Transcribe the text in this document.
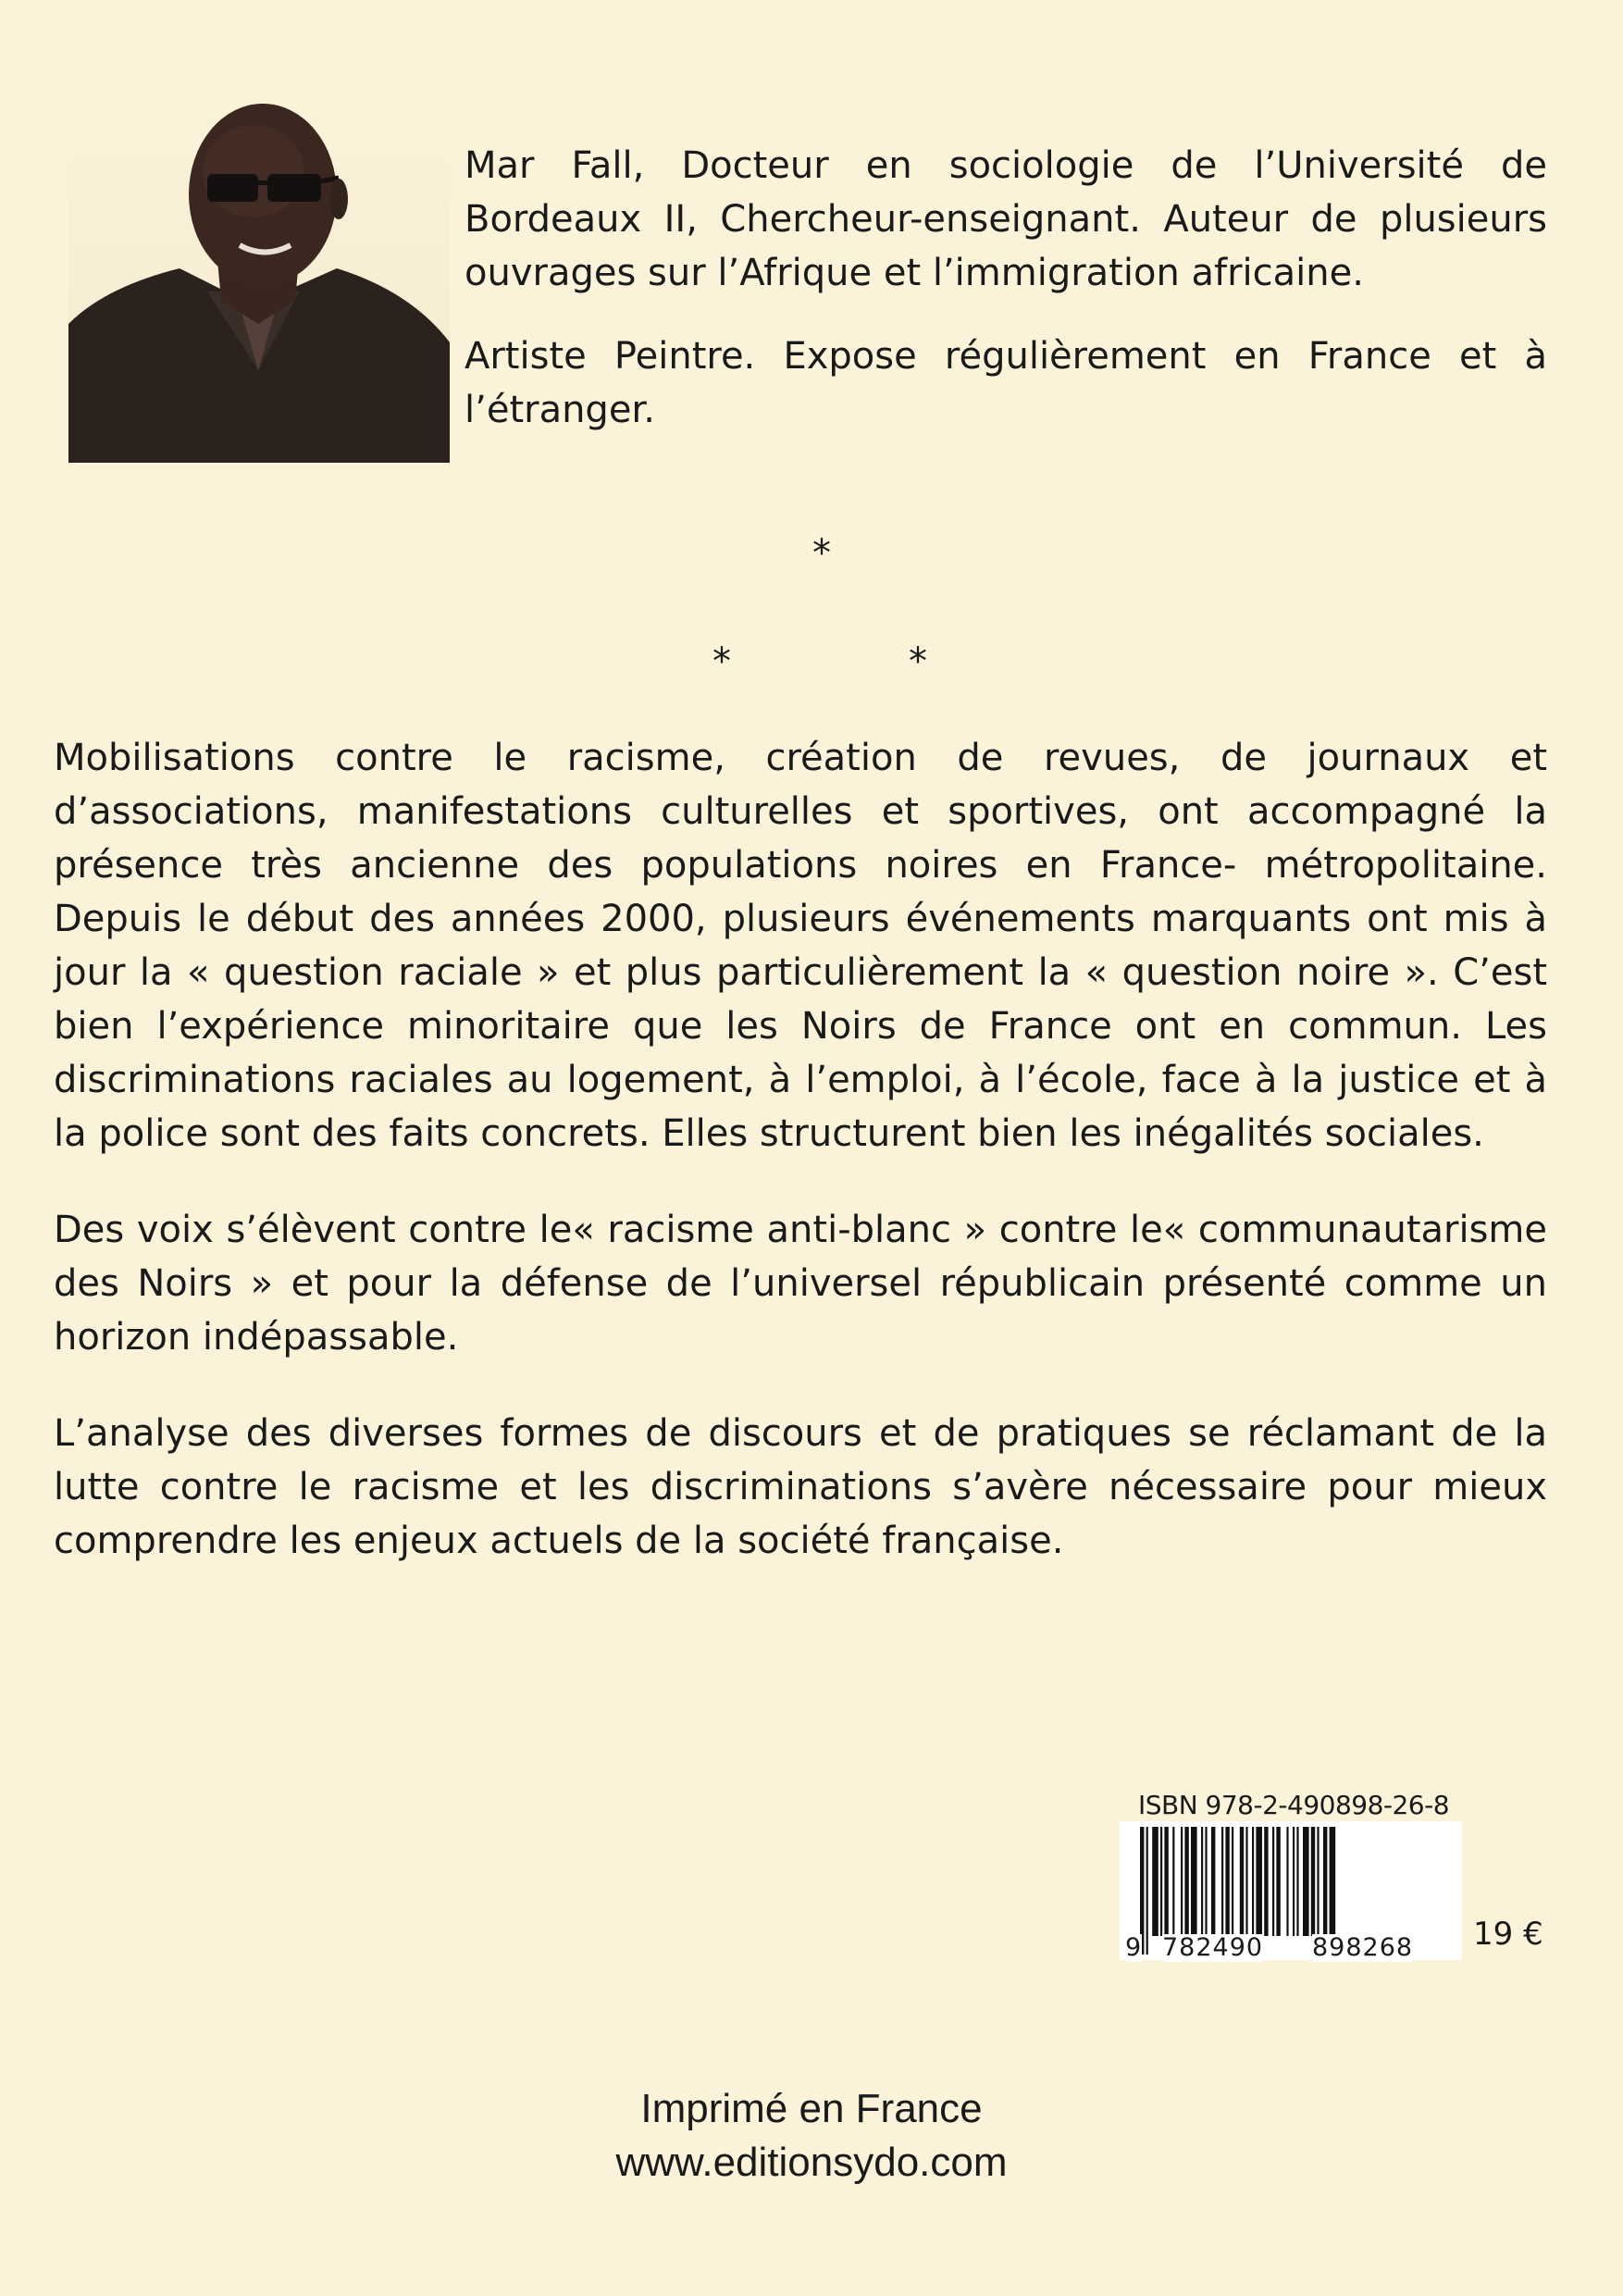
Mar Fall, Docteur en sociologie de l’Université de Bordeaux II, Chercheur-enseignant. Auteur de plusieurs ouvrages sur l’Afrique et l’immigration africaine.

Artiste Peintre. Expose régulièrement en France et à l’étranger.

*
*	*

Mobilisations contre le racisme, création de revues, de journaux et d’associations, manifestations culturelles et sportives, ont accompagné la présence très ancienne des populations noires en France- métropolitaine. Depuis le début des années 2000, plusieurs événements marquants ont mis à jour la « question raciale » et plus particulièrement la « question noire ». C’est bien l’expérience minoritaire que les Noirs de France ont en commun. Les discriminations raciales au logement, à l’emploi, à l’école, face à la justice et à la police sont des faits concrets. Elles structurent bien les inégalités sociales.

Des voix s’élèvent contre le« racisme anti-blanc » contre le« communautarisme des Noirs » et pour la défense de l’universel républicain présenté comme un horizon indépassable.

L’analyse des diverses formes de discours et de pratiques se réclamant de la lutte contre le racisme et les discriminations s’avère nécessaire pour mieux comprendre les enjeux actuels de la société française.

ISBN 978-2-490898-26-8
9 782490 898268 19 €
Imprimé en France
www.editionsydo.com
